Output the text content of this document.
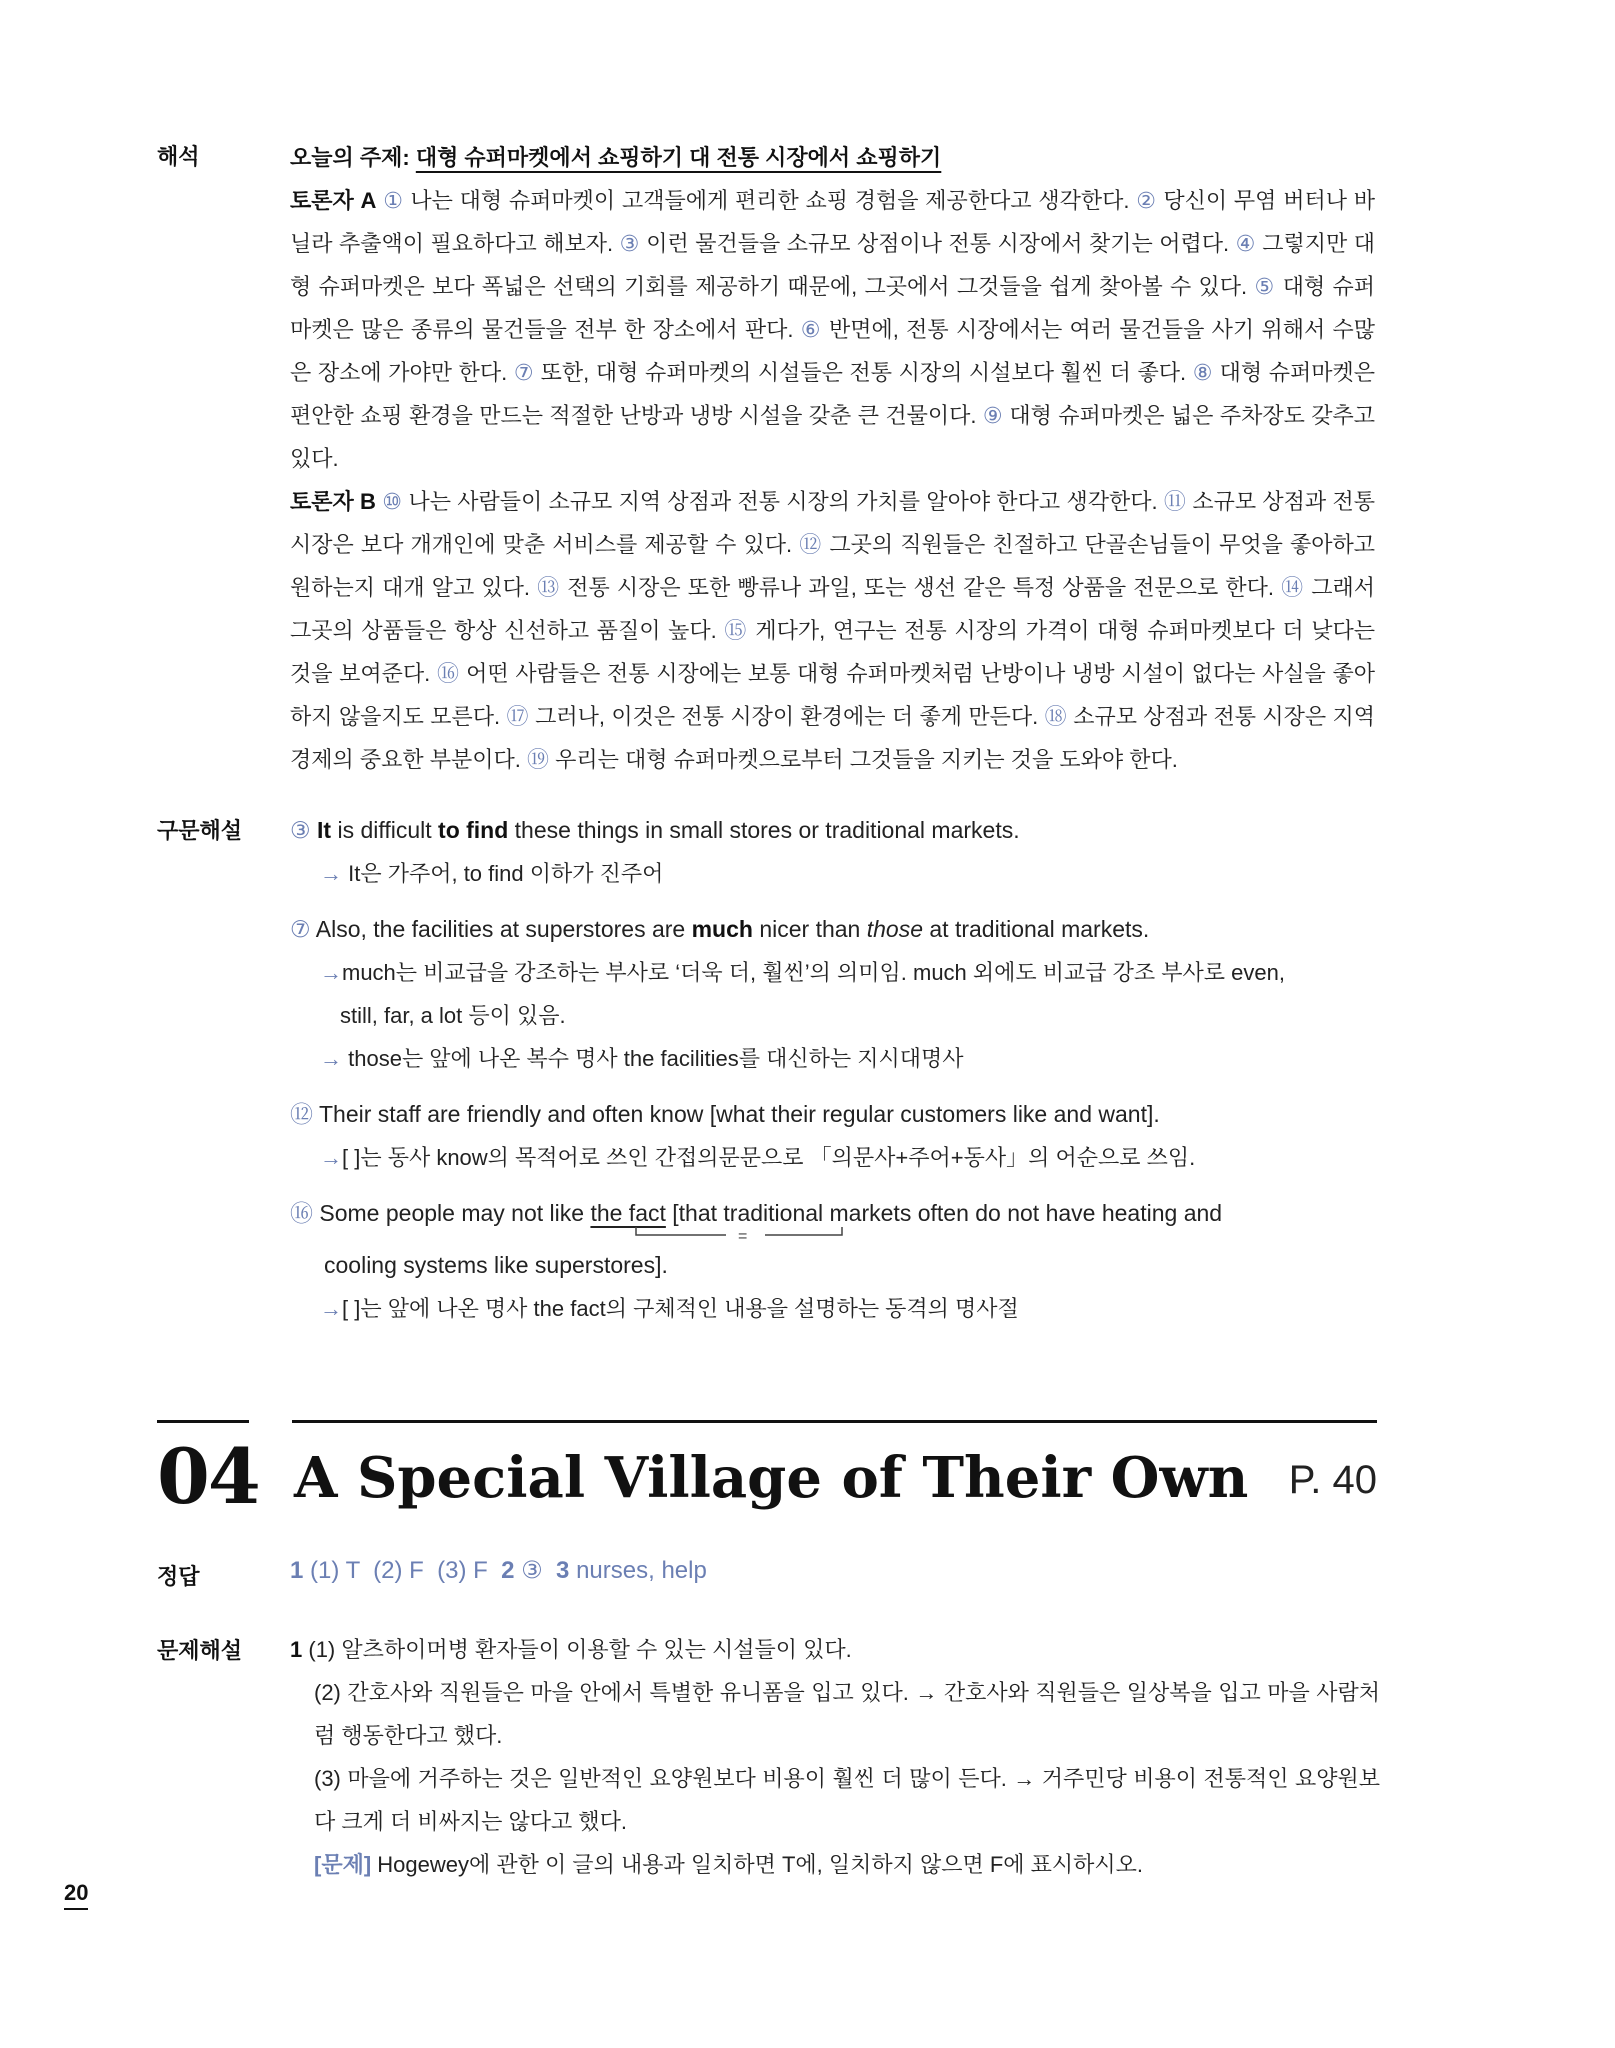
해석
구문해설
정답
문제해설
오늘의 주제: 대형 슈퍼마켓에서 쇼핑하기 대 전통 시장에서 쇼핑하기

토론자 A ① 나는 대형 슈퍼마켓이 고객들에게 편리한 쇼핑 경험을 제공한다고 생각한다. ② 당신이 무염 버터나 바닐라 추출액이 필요하다고 해보자. ③ 이런 물건들을 소규모 상점이나 전통 시장에서 찾기는 어렵다. ④ 그렇지만 대형 슈퍼마켓은 보다 폭넓은 선택의 기회를 제공하기 때문에, 그곳에서 그것들을 쉽게 찾아볼 수 있다. ⑤ 대형 슈퍼마켓은 많은 종류의 물건들을 전부 한 장소에서 판다. ⑥ 반면에, 전통 시장에서는 여러 물건들을 사기 위해서 수많은 장소에 가야만 한다. ⑦ 또한, 대형 슈퍼마켓의 시설들은 전통 시장의 시설보다 훨씬 더 좋다. ⑧ 대형 슈퍼마켓은 편안한 쇼핑 환경을 만드는 적절한 난방과 냉방 시설을 갖춘 큰 건물이다. ⑨ 대형 슈퍼마켓은 넓은 주차장도 갖추고 있다.

토론자 B ⑩ 나는 사람들이 소규모 지역 상점과 전통 시장의 가치를 알아야 한다고 생각한다. ⑪ 소규모 상점과 전통 시장은 보다 개개인에 맞춘 서비스를 제공할 수 있다. ⑫ 그곳의 직원들은 친절하고 단골손님들이 무엇을 좋아하고 원하는지 대개 알고 있다. ⑬ 전통 시장은 또한 빵류나 과일, 또는 생선 같은 특정 상품을 전문으로 한다. ⑭ 그래서 그곳의 상품들은 항상 신선하고 품질이 높다. ⑮ 게다가, 연구는 전통 시장의 가격이 대형 슈퍼마켓보다 더 낮다는 것을 보여준다. ⑯ 어떤 사람들은 전통 시장에는 보통 대형 슈퍼마켓처럼 난방이나 냉방 시설이 없다는 사실을 좋아하지 않을지도 모른다. ⑰ 그러나, 이것은 전통 시장이 환경에는 더 좋게 만든다. ⑱ 소규모 상점과 전통 시장은 지역 경제의 중요한 부분이다. ⑲ 우리는 대형 슈퍼마켓으로부터 그것들을 지키는 것을 도와야 한다.

③ It is difficult to find these things in small stores or traditional markets.
→ It은 가주어, to find 이하가 진주어
⑦ Also, the facilities at superstores are much nicer than those at traditional markets.
→much는 비교급을 강조하는 부사로 ‘더욱 더, 훨씬’의 의미임. much 외에도 비교급 강조 부사로 even,
still, far, a lot 등이 있음.
→ those는 앞에 나온 복수 명사 the facilities를 대신하는 지시대명사
⑫ Their staff are friendly and often know [what their regular customers like and want].
→[ ]는 동사 know의 목적어로 쓰인 간접의문문으로 「의문사+주어+동사」의 어순으로 쓰임.
⑯ Some people may not like the fact [that traditional markets often do not have heating and
=
cooling systems like superstores].
→[ ]는 앞에 나온 명사 the fact의 구체적인 내용을 설명하는 동격의 명사절
04 A Special Village of Their Own P. 40
1 (1) T  (2) F  (3) F  2 ③  3 nurses, help
1 (1) 알츠하이머병 환자들이 이용할 수 있는 시설들이 있다.
(2) 간호사와 직원들은 마을 안에서 특별한 유니폼을 입고 있다. → 간호사와 직원들은 일상복을 입고 마을 사람처럼 행동한다고 했다.
(3) 마을에 거주하는 것은 일반적인 요양원보다 비용이 훨씬 더 많이 든다. → 거주민당 비용이 전통적인 요양원보다 크게 더 비싸지는 않다고 했다.
[문제] Hogewey에 관한 이 글의 내용과 일치하면 T에, 일치하지 않으면 F에 표시하시오.
20
